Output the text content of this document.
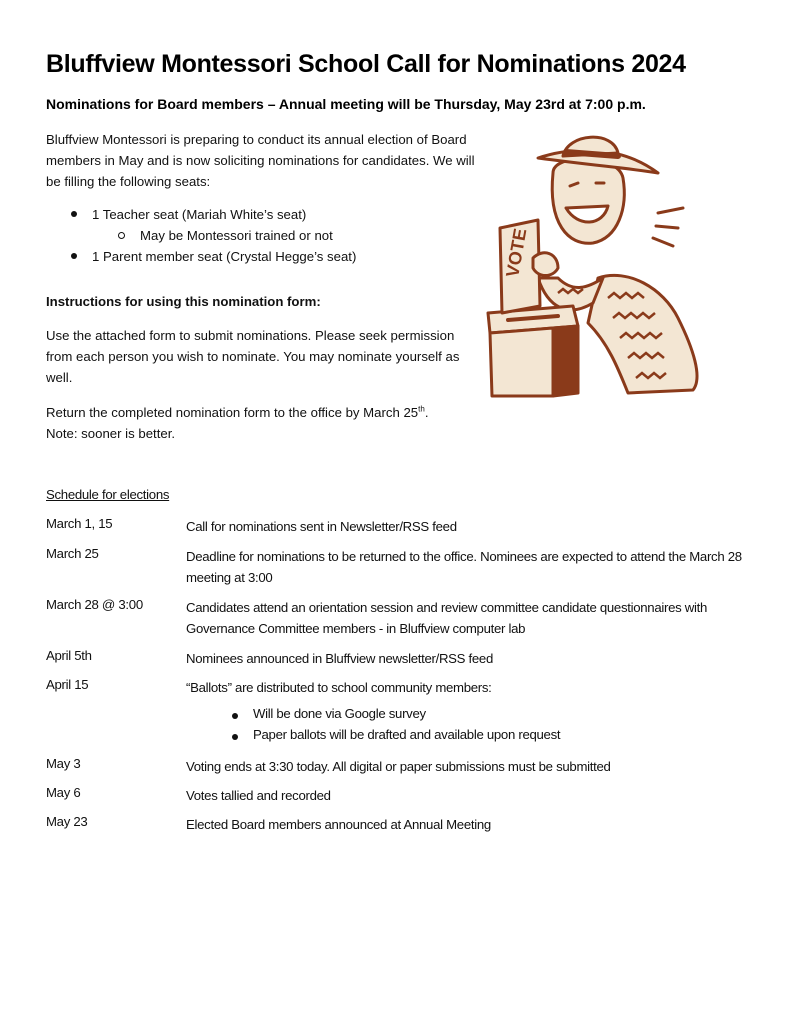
Bluffview Montessori School Call for Nominations 2024
Nominations for Board members – Annual meeting will be Thursday, May 23rd at 7:00 p.m.

Bluffview Montessori is preparing to conduct its annual election of Board members in May and is now soliciting nominations for candidates. We will be filling the following seats:

1 Teacher seat (Mariah White’s seat)
May be Montessori trained or not
1 Parent member seat (Crystal Hegge’s seat)
Instructions for using this nomination form:

Use the attached form to submit nominations. Please seek permission from each person you wish to nominate. You may nominate yourself as well.

Return the completed nomination form to the office by March 25th.
Note: sooner is better.

VOTE
Schedule for elections
March 1, 15	Call for nominations sent in Newsletter/RSS feed
March 25	Deadline for nominations to be returned to the office. Nominees are expected to attend the March 28 meeting at 3:00
March 28 @ 3:00	Candidates attend an orientation session and review committee candidate questionnaires with Governance Committee members - in Bluffview computer lab
April 5th	Nominees announced in Bluffview newsletter/RSS feed
April 15	“Ballots” are distributed to school community members:
Will be done via Google survey
Paper ballots will be drafted and available upon request
May 3	Voting ends at 3:30 today. All digital or paper submissions must be submitted
May 6	Votes tallied and recorded
May 23	Elected Board members announced at Annual Meeting
